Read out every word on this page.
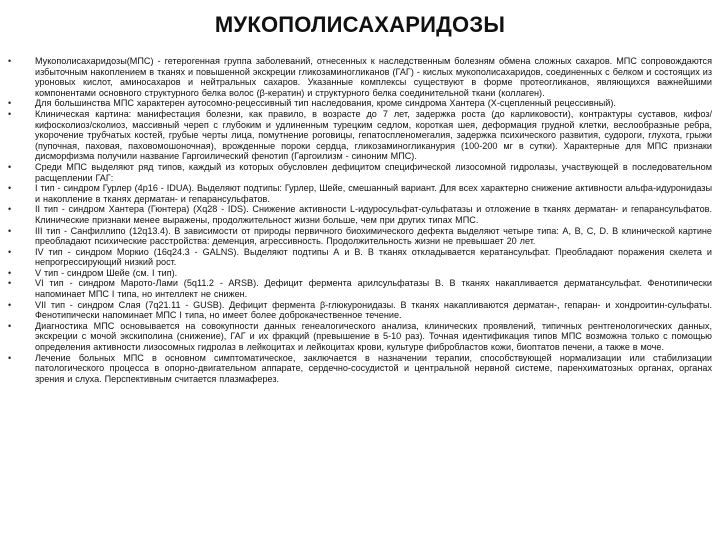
МУКОПОЛИСАХАРИДОЗЫ
•	Мукополисахаридозы(МПС) - гетерогенная группа заболеваний, отнесенных к наследственным болезням обмена сложных сахаров. МПС сопровождаются избыточным накоплением в тканях и повышенной экскреции гликозаминогликанов (ГАГ) - кислых мукополисахаридов, соединенных с белком и состоящих из уроновых кислот, аминосахаров и нейтральных сахаров. Указанные комплексы существуют в форме протеогликанов, являющихся важнейшими компонентами основного структурного белка волос (β-кератин) и структурного белка соединительной ткани (коллаген).
•	Для большинства МПС характерен аутосомно-рецессивный тип наследования, кроме синдрома Хантера (Х-сцепленный рецессивный).
•	Клиническая картина: манифестация болезни, как правило, в возрасте до 7 лет, задержка роста (до карликовости), контрактуры суставов, кифоз/кифосколиоз/сколиоз, массивный череп с глубоким и удлиненным турецким седлом, короткая шея, деформация грудной клетки, веслообразные ребра, укорочение трубчатых костей, грубые черты лица, помутнение роговицы, гепатоспленомегалия, задержка психического развития, судороги, глухота, грыжи (пупочная, паховая, паховомошоночная), врожденные пороки сердца, гликозаминогликанурия (100-200 мг в сутки). Характерные для МПС признаки дисморфизма получили название Гаргоилический фенотип (Гаргоилизм - синоним МПС).
•	Среди МПС выделяют ряд типов, каждый из которых обусловлен дефицитом специфической лизосомной гидролазы, участвующей в последовательном расщеплении ГАГ:
•	I тип - синдром Гурлер (4р16 - IDUA). Выделяют подтипы: Гурлер, Шейе, смешанный вариант. Для всех характерно снижение активности альфа-идуронидазы и накопление в тканях дерматан- и гепарансульфатов.
•	II тип - синдром Хантера (Гюнтера) (Xq28 - IDS). Снижение активности L-идуросульфат-сульфатазы и отложение в тканях дерматан- и гепарансульфатов. Клинические признаки менее выражены, продолжительност жизни больше, чем при других типах МПС.
•	III тип - Санфиллипо (12q13.4). В зависимости от природы первичного биохимического дефекта выделяют четыре типа: A, B, C, D. В клинической картине преобладают психические расстройства: деменция, агрессивность. Продолжительность жизни не превышает 20 лет.
•	IV тип - синдром Моркио (16q24.3 - GALNS). Выделяют подтипы А и В. В тканях откладывается кератансульфат. Преобладают поражения скелета и непрогрессирующий низкий рост.
•	V тип - синдром Шейе (см. I тип).
•	VI тип - синдром Марото-Лами (5q11.2 - ARSB). Дефицит фермента арилсульфатазы В. В тканях накапливается дерматансульфат. Фенотипически напоминает МПС I типа, но интеллект не снижен.
•	VII тип - синдром Слая (7q21.11 - GUSB). Дефицит фермента β-глюкуронидазы. В тканях накапливаются дерматан-, гепаран- и хондроитин-сульфаты. Фенотипически напоминает МПС I типа, но имеет более доброкачественное течение.
•	Диагностика МПС основывается на совокупности данных генеалогического анализа, клинических проявлений, типичных рентгенологических данных, экскреции с мочой экскиполина (снижение), ГАГ и их фракций (превышение в 5-10 раз). Точная идентификация типов МПС возможна только с помощью определения активности лизосомных гидролаз в лейкоцитах и лейкоцитах крови, культуре фибробластов кожи, биоптатов печени, а также в моче.
•	Лечение больных МПС в основном симптоматическое, заключается в назначении терапии, способствующей нормализации или стабилизации патологического процесса в опорно-двигательном аппарате, сердечно-сосудистой и центральной нервной системе, паренхиматозных органах, органах зрения и слуха. Перспективным считается плазмаферез.
